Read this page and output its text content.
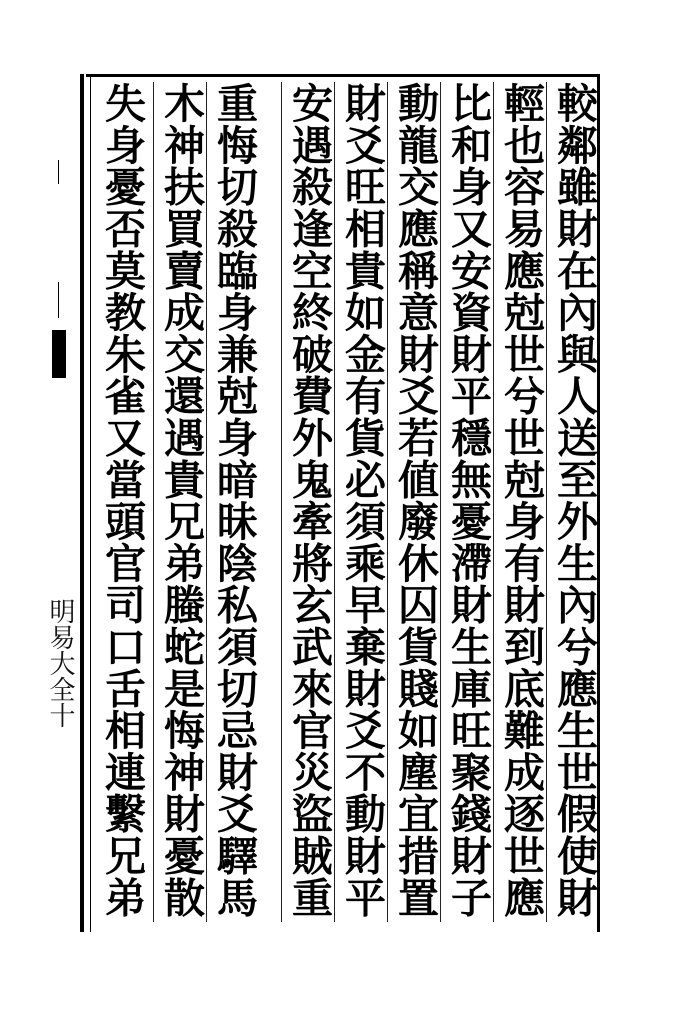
較鄰雖財在內與人送至外生內兮應生世假使財
輕也容易應尅世兮世尅身有財到底難成逐世應
比和身又安資財平穩無憂滯財生庫旺聚錢財子
動龍交應稱意財爻若値廢休囚貨賤如塵宜措置
財爻旺相貴如金有貨必須乘早棄財爻不動財平
安遇殺逢空終破費外鬼牽將玄武來官災盜賊重
重悔切殺臨身兼尅身暗昧陰私須切忌財爻驛馬
木神扶買賣成交還遇貴兄弟螣蛇是悔神財憂散
失身憂否莫教朱雀又當頭官司口舌相連繫兄弟
明易大全十
